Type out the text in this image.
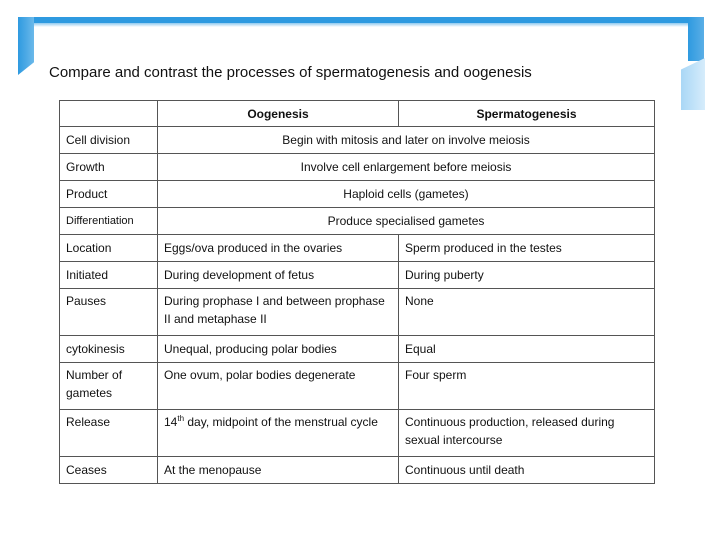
Compare and contrast the processes of spermatogenesis and oogenesis
	Oogenesis	Spermatogenesis
Cell division	Begin with mitosis and later on involve meiosis	
Growth	Involve cell enlargement before meiosis	
Product	Haploid cells (gametes)	
Differentiation	Produce specialised gametes	
Location	Eggs/ova produced in the ovaries	Sperm produced in the testes
Initiated	During development of fetus	During puberty
Pauses	During prophase I and between prophase II and metaphase II	None
cytokinesis	Unequal, producing polar bodies	Equal
Number of gametes	One ovum, polar bodies degenerate	Four sperm
Release	14th day, midpoint of the menstrual cycle	Continuous production, released during sexual intercourse
Ceases	At the menopause	Continuous until death
